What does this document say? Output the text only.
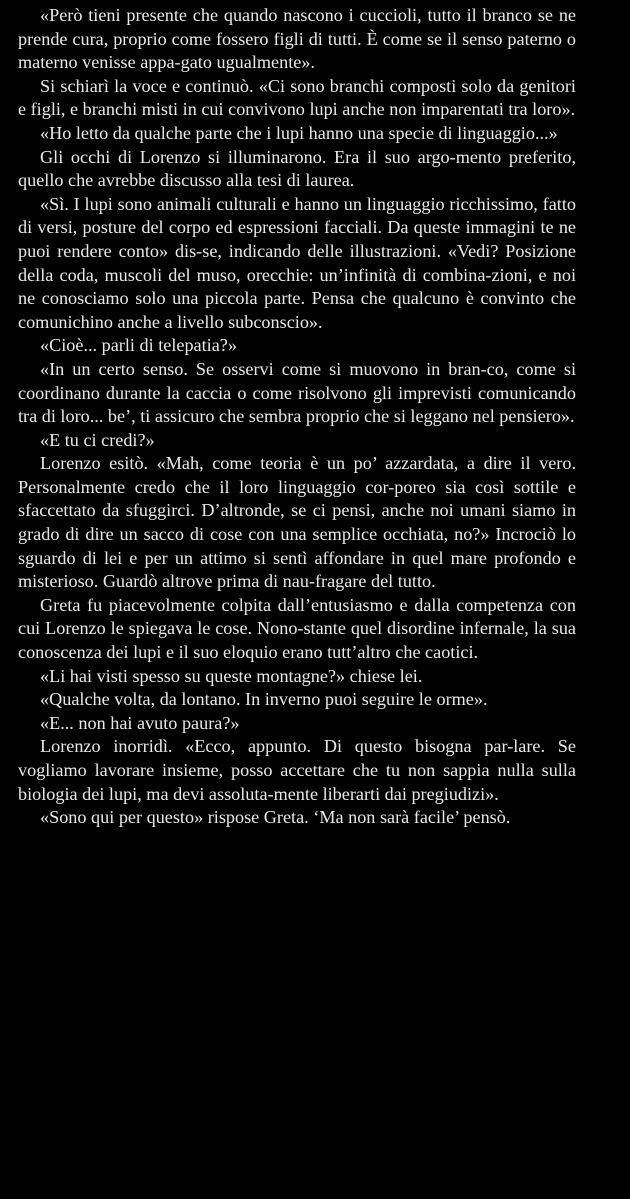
«Però tieni presente che quando nascono i cuccioli, tutto il branco se ne prende cura, proprio come fossero figli di tutti. È come se il senso paterno o materno venisse appa-gato ugualmente».

Si schiarì la voce e continuò. «Ci sono branchi composti solo da genitori e figli, e branchi misti in cui convivono lupi anche non imparentati tra loro».

«Ho letto da qualche parte che i lupi hanno una specie di linguaggio...»

Gli occhi di Lorenzo si illuminarono. Era il suo argo-mento preferito, quello che avrebbe discusso alla tesi di laurea.

«Sì. I lupi sono animali culturali e hanno un linguaggio ricchissimo, fatto di versi, posture del corpo ed espressioni facciali. Da queste immagini te ne puoi rendere conto» dis-se, indicando delle illustrazioni. «Vedi? Posizione della coda, muscoli del muso, orecchie: un’infinità di combina-zioni, e noi ne conosciamo solo una piccola parte. Pensa che qualcuno è convinto che comunichino anche a livello subconscio».

«Cioè... parli di telepatia?»

«In un certo senso. Se osservi come si muovono in bran-co, come si coordinano durante la caccia o come risolvono gli imprevisti comunicando tra di loro... be’, ti assicuro che sembra proprio che si leggano nel pensiero».

«E tu ci credi?»

Lorenzo esitò. «Mah, come teoria è un po’ azzardata, a dire il vero. Personalmente credo che il loro linguaggio cor-poreo sia così sottile e sfaccettato da sfuggirci. D’altronde, se ci pensi, anche noi umani siamo in grado di dire un sacco di cose con una semplice occhiata, no?» Incrociò lo sguardo di lei e per un attimo si sentì affondare in quel mare profondo e misterioso. Guardò altrove prima di nau-fragare del tutto.

Greta fu piacevolmente colpita dall’entusiasmo e dalla competenza con cui Lorenzo le spiegava le cose. Nono-stante quel disordine infernale, la sua conoscenza dei lupi e il suo eloquio erano tutt’altro che caotici.

«Li hai visti spesso su queste montagne?» chiese lei.

«Qualche volta, da lontano. In inverno puoi seguire le orme».

«E... non hai avuto paura?»

Lorenzo inorridì. «Ecco, appunto. Di questo bisogna par-lare. Se vogliamo lavorare insieme, posso accettare che tu non sappia nulla sulla biologia dei lupi, ma devi assoluta-mente liberarti dai pregiudizi».

«Sono qui per questo» rispose Greta. ‘Ma non sarà facile’ pensò.
